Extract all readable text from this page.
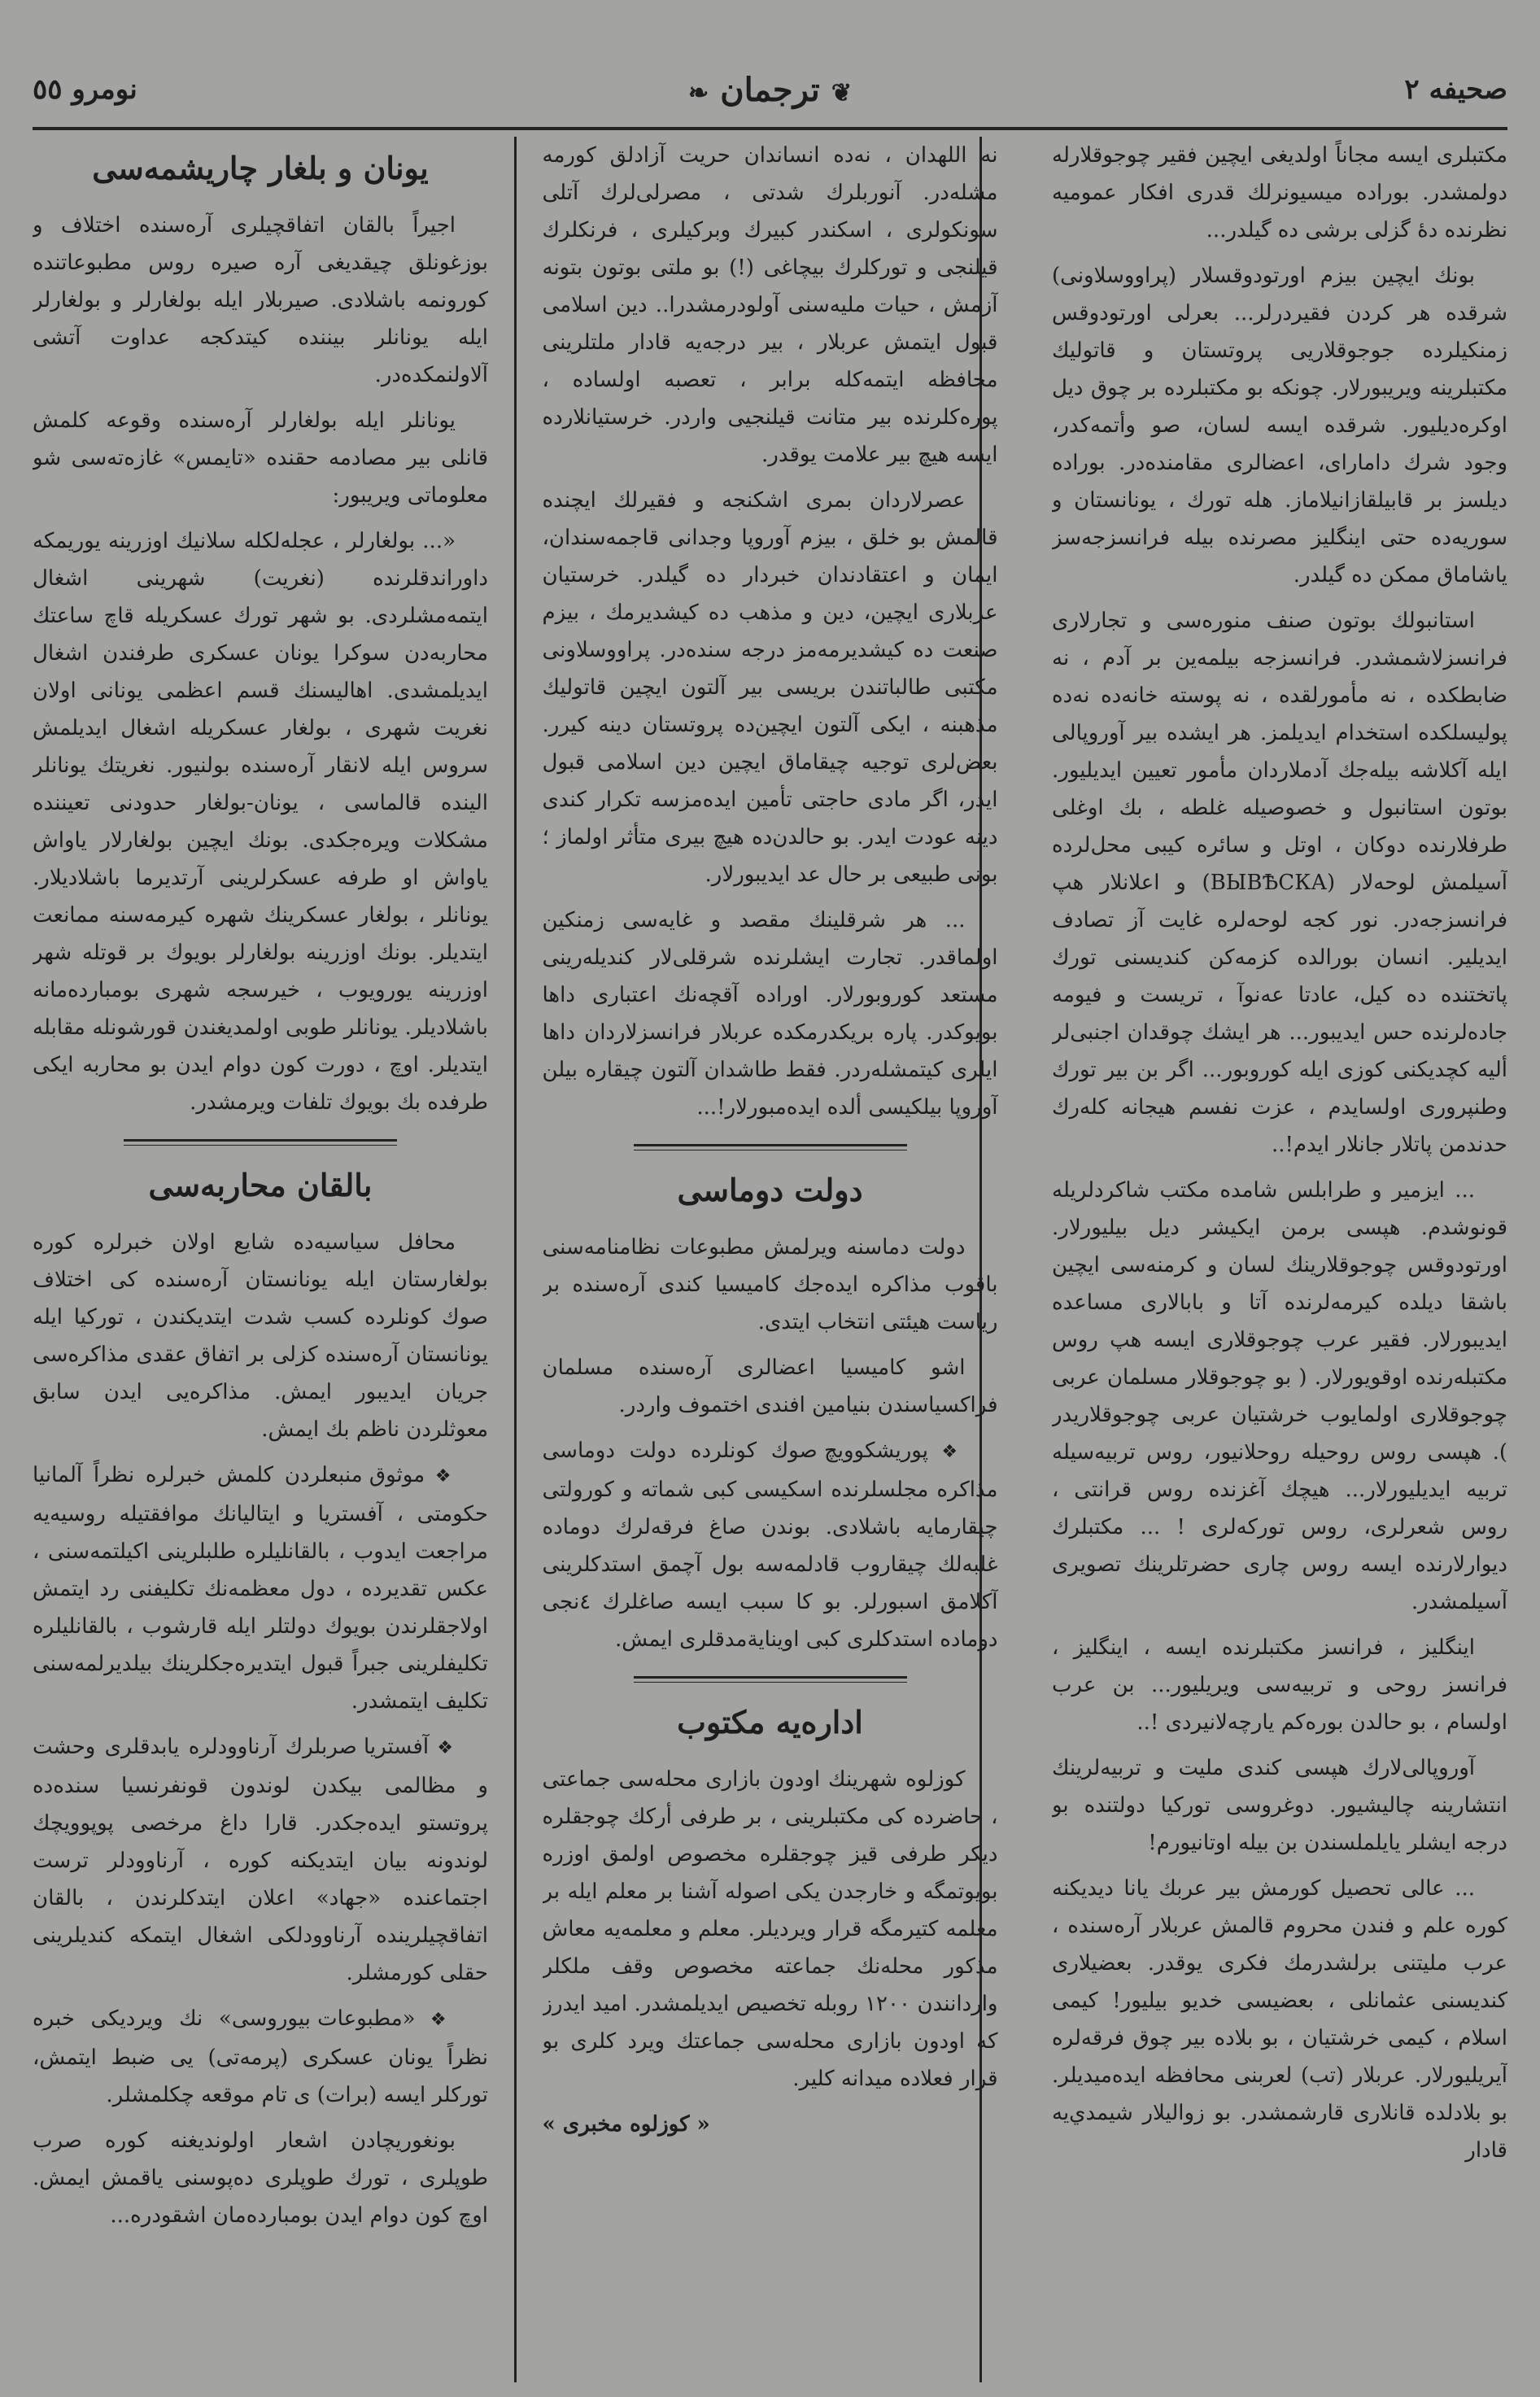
صحيفه ۲
❦ترجمان❧
نومرو ٥٥

مكتبلرى ايسه مجاناً اولديغى ايچين فقير چوجوقلارله دولمشدر. بوراده ميسيونرلك قدرى افكار عموميه نظرنده دۀ گزلى برشى ده گيلدر...

بونك ايچين بيزم اورتودوقسلار (پراووسلاونى) شرقده هر كردن فقيردرلر... بعرلى اورتودوقس زمنكيلرده جوجوقلاريى پروتستان و قاتوليك مكتبلرينه ويريبورلار. چونكه بو مكتبلرده بر چوق ديل اوكره‌ديليور. شرقده ايسه لسان، صو وأتمه‌كدر، وجود شرك داماراى، اعضالرى مقامنده‌در. بوراده ديلسز بر قابيلقازانيلاماز. هله تورك ، يونانستان و سوريه‌ده حتى اينگليز مصرنده بيله فرانسزجه‌سز ياشاماق ممكن ده گيلدر.

استانبولك بوتون صنف منوره‌سى و تجارلارى فرانسزلاشمشدر. فرانسزجه بيلمه‌ين بر آدم ، نه ضابطكده ، نه مأمورلقده ، نه پوسته خانه‌ده نه‌ده پوليسلكده استخدام ايديلمز. هر ايشده بير آوروپالى ايله آكلاشه بيله‌جك آدملاردان مأمور تعيين ايديليور. بوتون استانبول و خصوصيله غلطه ، بك اوغلى طرفلارنده دوكان ، اوتل و سائره كيبى محل‌لرده آسيلمش لوحه‌لار (ВЫВѢСКА) و اعلانلار هپ فرانسزجه‌در. نور كجه لوحه‌لره غايت آز تصادف ايديلير. انسان بورالده كزمه‌كن كنديسنى تورك پاتختنده ده كيل، عادتا عه‌نوآ ، تريست و فيومه جاده‌لرنده حس ايديبور... هر ايشك چوقدان اجنبى‌لر أليه كچديكنى كوزى ايله كوروبور... اگر بن بير تورك وطنپرورى اولسايدم ، عزت نفسم هيجانه كله‌رك حدندمن پاتلار جانلار ايدم!..

... ايزمير و طرابلس شامده مكتب شاكردلريله قونوشدم. هپسى برمن ايكيشر ديل بيليورلار. اورتودوقس چوجوقلارينك لسان و كرمنه‌سى ايچين باشقا ديلده كيرمه‌لرنده آتا و بابالارى مساعده ايديبورلار. فقير عرب چوجوقلارى ايسه هپ روس مكتبله‌رنده اوقويورلار. ( بو چوجوقلار مسلمان عربى چوجوقلارى اولمايوب خرشتيان عربى چوجوقلاريدر ). هپسى روس روحيله روحلانيور، روس تربيه‌سيله تربيه ايديليورلار... هيچك آغزنده روس قرانتى ، روس شعرلرى، روس توركه‌لرى ! ... مكتبلرك ديوارلارنده ايسه روس چارى حضرتلرينك تصويرى آسيلمشدر.

اينگليز ، فرانسز مكتبلرنده ايسه ، اينگليز ، فرانسز روحى و تربيه‌سى ويريليور... بن عرب اولسام ، بو حالدن بوره‌كم يارچه‌لانيردى !..

آوروپالى‌لارك هپسى كندى مليت و تربيه‌لرينك انتشارينه چاليشيور. دوغروسى توركيا دولتنده بو درجه ايشلر يايلملسندن بن بيله اوتانيورم!

... عالى تحصيل كورمش بير عربك يانا ديديكنه كوره علم و فندن محروم قالمش عربلار آره‌سنده ، عرب مليتنى برلشدرمك فكرى يوقدر. بعضيلارى كنديسنى عثمانلى ، بعضيسى خديو بيليور! كيمى اسلام ، كيمى خرشتيان ، بو بلاده بير چوق فرقه‌لره آيريليورلار. عربلار (تب) لعربنى محافظه ايده‌ميديلر. بو بلادلده قانلارى قارشمشدر. بو زواليلار شيمدي‌يه قادار

نه اللهدان ، نه‌ده انساندان حريت آزادلق كورمه مشله‌در. آنوربلرك شدتى ، مصرلى‌لرك آتلى سونكولرى ، اسكندر كبيرك وبركيلرى ، فرنكلرك قيلنجى و توركلرك بيچاغى (!) بو ملتى بوتون بتونه آزمش ، حيات مليه‌سنى آولودرمشدرا.. دين اسلامى قبول ايتمش عربلار ، بير درجه‌يه قادار ملتلرينى محافظه ايتمه‌كله برابر ، تعصبه اولساده ، پوره‌كلرنده بير متانت قيلنجيى واردر. خرستيانلارده ايسه هيچ بير علامت يوقدر.

عصرلاردان بمرى اشكنجه و فقيرلك ايچنده قالمش بو خلق ، بيزم آوروپا وجدانى قاجمه‌سندان، ايمان و اعتقادندان خبردار ده گيلدر. خرستيان عربلارى ايچين، دين و مذهب ده كيشديرمك ، بيزم صنعت ده كيشديرمه‌مز درجه سنده‌در. پراووسلاونى مكتبى طالباتندن بريسى بير آلتون ايچين قاتوليك مذهبنه ، ايكى آلتون ايچين‌ده پروتستان دينه كيرر. بعض‌لرى توجيه چيقاماق ايچين دين اسلامى قبول ايدر، اگر مادى حاجتى تأمين ايده‌مزسه تكرار كندى دينه عودت ايدر. بو حالدن‌ده هيچ بيرى متأثر اولماز ؛ بونى طبيعى بر حال عد ايديبورلار.

... هر شرقلينك مقصد و غايه‌سى زمنكين اولماقدر. تجارت ايشلرنده شرقلى‌لار كنديله‌رينى مستعد كوروبورلار. اوراده آقچه‌نك اعتبارى داها بويوكدر. پاره بريكدرمكده عربلار فرانسزلاردان داها ايلرى كيتمشله‌ردر. فقط طاشدان آلتون چيقاره بيلن آوروپا بيلكيسى ألده ايده‌مبورلار!...

دولت دوماسى

دولت دماسنه ويرلمش مطبوعات نظامنامه‌سنى باقوب مذاكره ايده‌جك كاميسيا كندى آره‌سنده بر رياست هيئتى انتخاب ايتدى.

اشو كاميسيا اعضالرى آره‌سنده مسلمان فراكسياسندن بنيامين افندى اختموف واردر.

❖ پوريشكوويچ صوك كونلرده دولت دوماسى مذاكره مجلسلرنده اسكيسى كبى شماته و كورولتى چيقارمايه باشلادى. بوندن صاغ فرقه‌لرك دوماده غلبه‌لك چيقاروب قادلمه‌سه بول آچمق استدكلرينى آكلامق اسبورلر. بو كا سبب ايسه صاغلرك ٤نجى دوماده استدكلرى كبى اويناية‌مدقلرى ايمش.

اداره‌يه مكتوب

كوزلوه شهرينك اودون بازارى محله‌سى جماعتى ، حاضرده كى مكتبلرينى ، بر طرفى أركك چوجقلره ديكر طرفى قيز چوجقلره مخصوص اولمق اوزره بويوتمگه و خارجدن يكى اصوله آشنا بر معلم ايله بر معلمه كتيرمگه قرار ويرديلر. معلم و معلمه‌يه معاش مذكور محله‌نك جماعته مخصوص وقف ملكلر واردانندن ۱۲۰۰ روبله تخصيص ايديلمشدر. اميد ايدرز كه اودون بازارى محله‌سى جماعتك ويرد كلرى بو قرار فعلاده ميدانه كلير.

« كوزلوه مخبرى »

يونان و بلغار چاريشمه‌سى

اجيراً بالقان اتفاقچيلرى آره‌سنده اختلاف و بوزغونلق چيقديغى آره صيره روس مطبوعاتنده كورونمه باشلادى. صيربلار ايله بولغارلر و بولغارلر ايله يونانلر بيننده كيتدكجه عداوت آتشى آلاولنمكده‌در.

يونانلر ايله بولغارلر آره‌سنده وقوعه كلمش قانلى بير مصادمه حقنده «تايمس» غازه‌ته‌سى شو معلوماتى ويريبور:

«... بولغارلر ، عجله‌لكله سلانيك اوزرينه يوريمكه داوراندقلرنده (نغريت) شهرينى اشغال ايتمه‌مشلردى. بو شهر تورك عسكريله قاچ ساعتك محاربه‌دن سوكرا يونان عسكرى طرفندن اشغال ايديلمشدى. اهاليسنك قسم اعظمى يونانى اولان نغريت شهرى ، بولغار عسكريله اشغال ايديلمش سروس ايله لانقار آره‌سنده بولنيور. نغريتك يونانلر الينده قالماسى ، يونان-بولغار حدودنى تعيننده مشكلات ويره‌جكدى. بونك ايچين بولغارلار ياواش ياواش او طرفه عسكرلرينى آرتديرما باشلاديلار. يونانلر ، بولغار عسكرينك شهره كيرمه‌سنه ممانعت ايتديلر. بونك اوزرينه بولغارلر بويوك بر قوتله شهر اوزرينه يورويوب ، خيرسجه شهرى بومبارده‌مانه باشلاديلر. يونانلر طوبى اولمديغندن قورشونله مقابله ايتديلر. اوچ ، دورت كون دوام ايدن بو محاربه ايكى طرفده بك بويوك تلفات ويرمشدر.

بالقان محاربه‌سى

محافل سياسيه‌ده شايع اولان خبرلره كوره بولغارستان ايله يونانستان آره‌سنده كى اختلاف صوك كونلرده كسب شدت ايتديكندن ، توركيا ايله يونانستان آره‌سنده كزلى بر اتفاق عقدى مذاكره‌سى جريان ايديبور ايمش. مذاكره‌يى ايدن سابق معوثلردن ناظم بك ايمش.

❖ موثوق منبعلردن كلمش خبرلره نظراً آلمانيا حكومتى ، آفستريا و ايتاليانك موافقتيله روسيه‌يه مراجعت ايدوب ، بالقانليلره طلبلرينى اكيلتمه‌سنى ، عكس تقديرده ، دول معظمه‌نك تكليفنى رد ايتمش اولاجقلرندن بويوك دولتلر ايله قارشوب ، بالقانليلره تكليفلرينى جبراً قبول ايتديره‌جكلرينك بيلديرلمه‌سنى تكليف ايتمشدر.

❖ آفستريا صربلرك آرناوودلره يابدقلرى وحشت و مظالمى بيكدن لوندون قونفرنسيا سنده‌ده پروتستو ايده‌جكدر. قارا داغ مرخصى پوپوويچك لوندونه بيان ايتديكنه كوره ، آرناوودلر ترست اجتماعنده «جهاد» اعلان ايتدكلرندن ، بالقان اتفاقچيلرينده آرناوودلكى اشغال ايتمكه كنديلرينى حقلى كورمشلر.

❖ «مطبوعات بيوروسى» نك ويرديكى خبره نظراً يونان عسكرى (پرمه‌تى) يى ضبط ايتمش، توركلر ايسه (برات) ى تام موقعه چكلمشلر.

بونغوريچادن اشعار اولونديغنه كوره صرب طوپلرى ، تورك طوپلرى ده‌پوسنى ياقمش ايمش. اوچ كون دوام ايدن بومبارده‌مان اشقودره...
